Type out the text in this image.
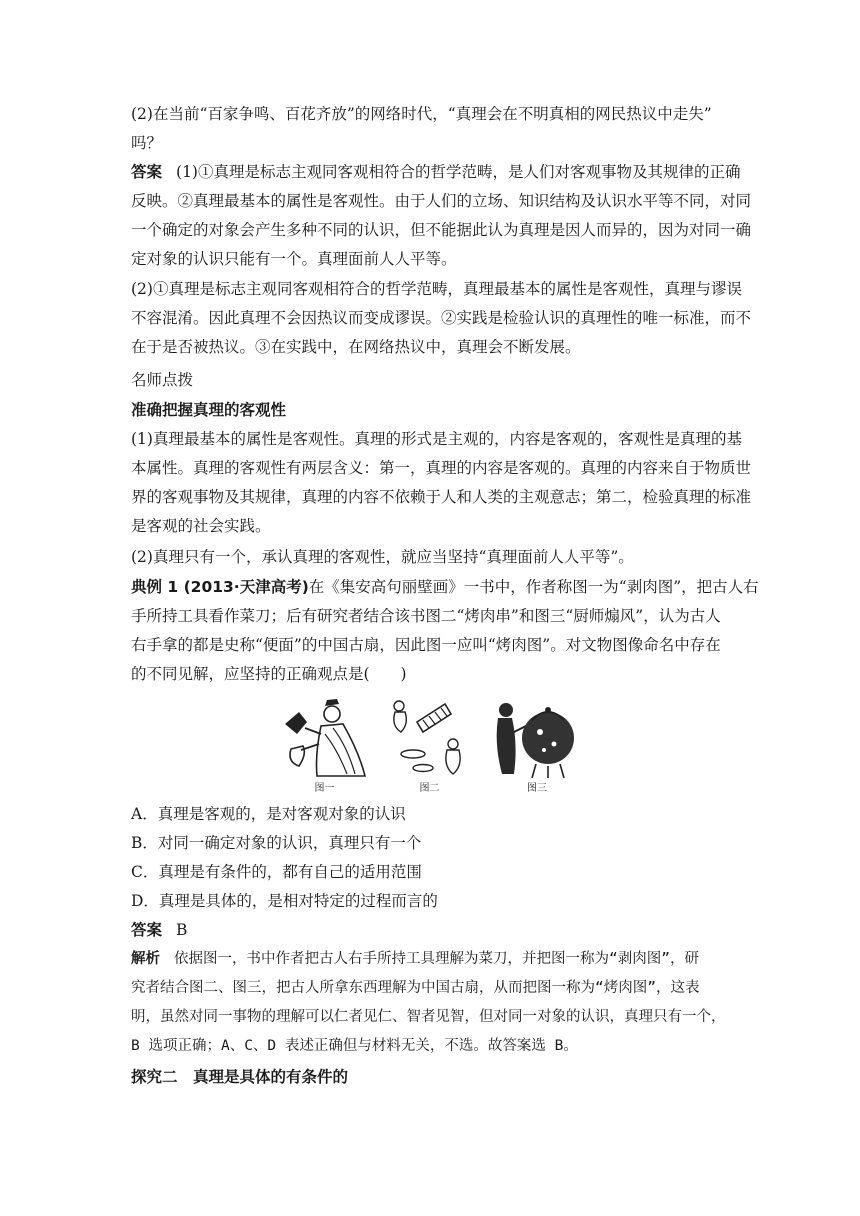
(2)在当前“百家争鸣、百花齐放”的网络时代，“真理会在不明真相的网民热议中走失”
吗？

答案 (1)①真理是标志主观同客观相符合的哲学范畴，是人们对客观事物及其规律的正确
反映。②真理最基本的属性是客观性。由于人们的立场、知识结构及认识水平等不同，对同
一个确定的对象会产生多种不同的认识，但不能据此认为真理是因人而异的，因为对同一确
定对象的认识只能有一个。真理面前人人平等。

(2)①真理是标志主观同客观相符合的哲学范畴，真理最基本的属性是客观性，真理与谬误
不容混淆。因此真理不会因热议而变成谬误。②实践是检验认识的真理性的唯一标准，而不
在于是否被热议。③在实践中，在网络热议中，真理会不断发展。

名师点拨

准确把握真理的客观性

(1)真理最基本的属性是客观性。真理的形式是主观的，内容是客观的，客观性是真理的基
本属性。真理的客观性有两层含义：第一，真理的内容是客观的。真理的内容来自于物质世
界的客观事物及其规律，真理的内容不依赖于人和人类的主观意志；第二，检验真理的标准
是客观的社会实践。

(2)真理只有一个，承认真理的客观性，就应当坚持“真理面前人人平等”。

典例 1 (2013·天津高考)在《集安高句丽壁画》一书中，作者称图一为“剥肉图”，把古人右
手所持工具看作菜刀；后有研究者结合该书图二“烤肉串”和图三“厨师煽风”，认为古人
右手拿的都是史称“便面”的中国古扇，因此图一应叫“烤肉图”。对文物图像命名中存在
的不同见解，应坚持的正确观点是(　　)

图一	图二	图三

A．真理是客观的，是对客观对象的认识
B．对同一确定对象的认识，真理只有一个
C．真理是有条件的，都有自己的适用范围
D．真理是具体的，是相对特定的过程而言的

答案 B

解析 依据图一，书中作者把古人右手所持工具理解为菜刀，并把图一称为“剥肉图”，研
究者结合图二、图三，把古人所拿东西理解为中国古扇，从而把图一称为“烤肉图”，这表
明，虽然对同一事物的理解可以仁者见仁、智者见智，但对同一对象的认识，真理只有一个，
B 选项正确；A、C、D 表述正确但与材料无关，不选。故答案选 B。

探究二　真理是具体的有条件的
